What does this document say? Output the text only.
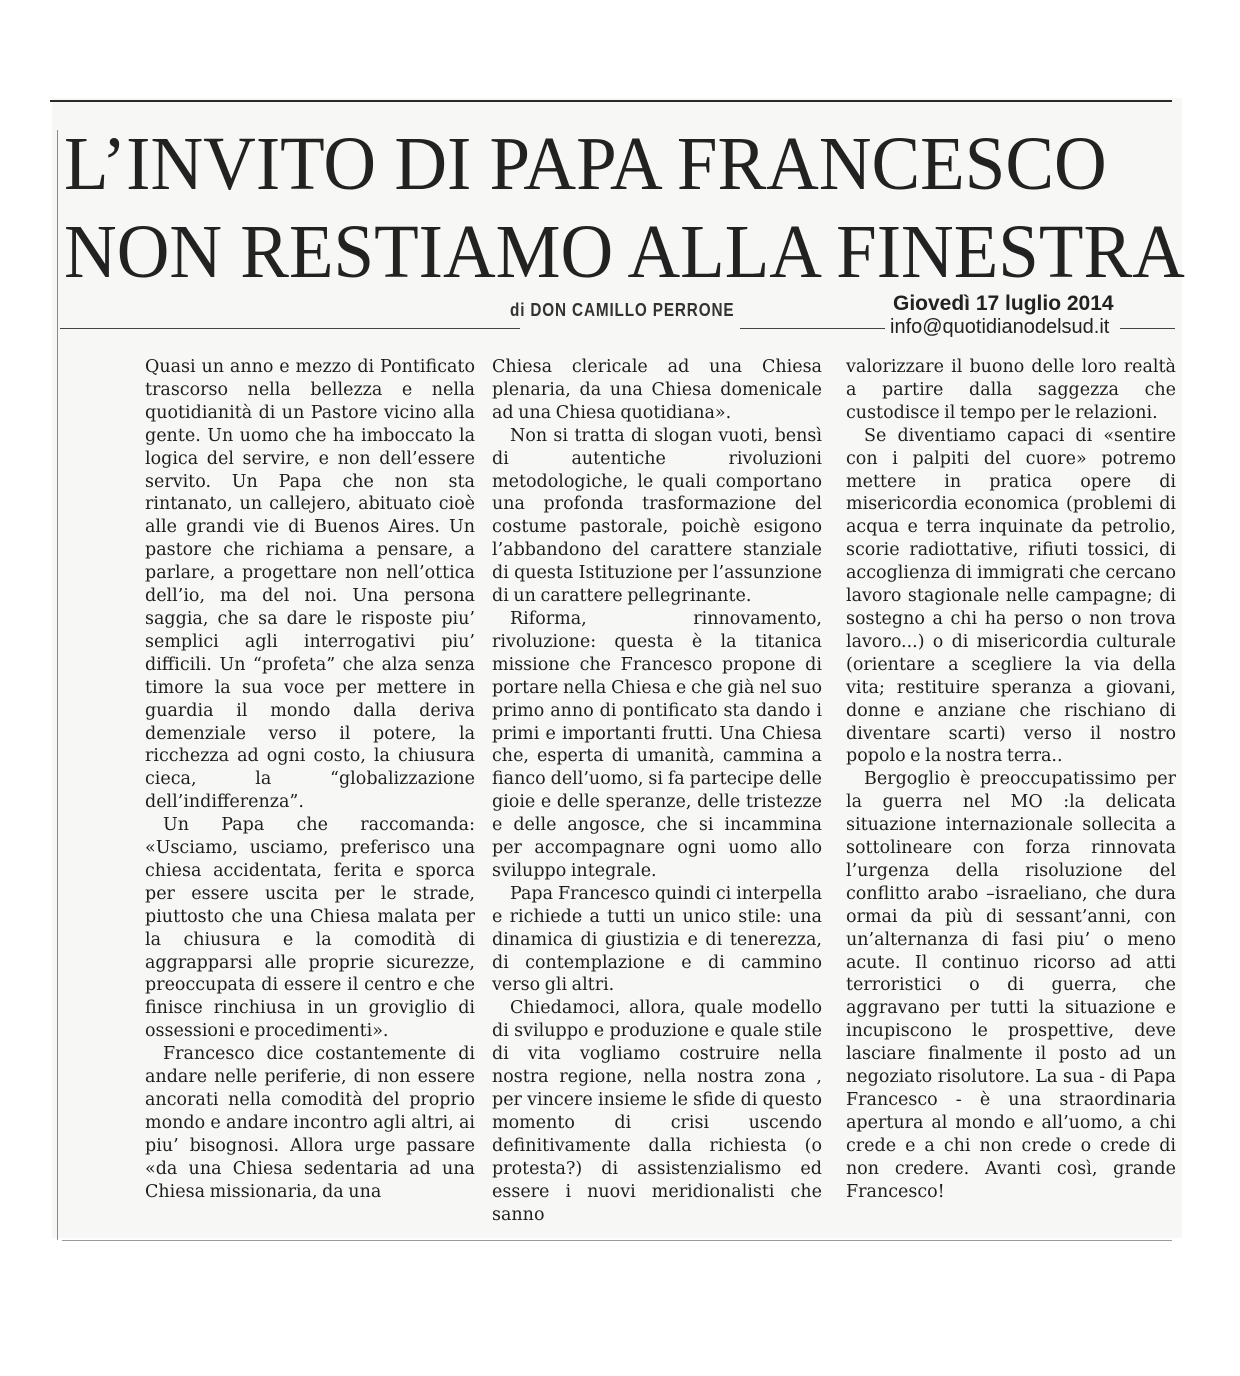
L’INVITO DI PAPA FRANCESCO
NON RESTIAMO ALLA FINESTRA
di DON CAMILLO PERRONE	Giovedì 17 luglio 2014
info@quotidianodelsud.it

Quasi un anno e mezzo di Pontificato trascorso nella bellezza e nella quotidianità di un Pastore vicino alla gente. Un uomo che ha imboccato la logica del servire, e non dell’essere servito. Un Papa che non sta rintanato, un callejero, abituato cioè alle grandi vie di Buenos Aires. Un pastore che richiama a pensare, a parlare, a progettare non nell’ottica dell’io, ma del noi. Una persona saggia, che sa dare le risposte piu’ semplici agli interrogativi piu’ difficili. Un “profeta” che alza senza timore la sua voce per mettere in guardia il mondo dalla deriva demenziale verso il potere, la ricchezza ad ogni costo, la chiusura cieca, la “globalizzazione dell’indifferenza”.

Un Papa che raccomanda: «Usciamo, usciamo, preferisco una chiesa accidentata, ferita e sporca per essere uscita per le strade, piuttosto che una Chiesa malata per la chiusura e la comodità di aggrapparsi alle proprie sicurezze, preoccupata di essere il centro e che finisce rinchiusa in un groviglio di ossessioni e procedimenti».

Francesco dice costantemente di andare nelle periferie, di non essere ancorati nella comodità del proprio mondo e andare incontro agli altri, ai piu’ bisognosi. Allora urge passare «da una Chiesa sedentaria ad una Chiesa missionaria, da una

Chiesa clericale ad una Chiesa plenaria, da una Chiesa domenicale ad una Chiesa quotidiana».

Non si tratta di slogan vuoti, bensì di autentiche rivoluzioni metodologiche, le quali comportano una profonda trasformazione del costume pastorale, poichè esigono l’abbandono del carattere stanziale di questa Istituzione per l’assunzione di un carattere pellegrinante.

Riforma, rinnovamento, rivoluzione: questa è la titanica missione che Francesco propone di portare nella Chiesa e che già nel suo primo anno di pontificato sta dando i primi e importanti frutti. Una Chiesa che, esperta di umanità, cammina a fianco dell’uomo, si fa partecipe delle gioie e delle speranze, delle tristezze e delle angosce, che si incammina per accompagnare ogni uomo allo sviluppo integrale.

Papa Francesco quindi ci interpella e richiede a tutti un unico stile: una dinamica di giustizia e di tenerezza, di contemplazione e di cammino verso gli altri.

Chiedamoci, allora, quale modello di sviluppo e produzione e quale stile di vita vogliamo costruire nella nostra regione, nella nostra zona , per vincere insieme le sfide di questo momento di crisi uscendo definitivamente dalla richiesta (o protesta?) di assistenzialismo ed essere i nuovi meridionalisti che sanno

valorizzare il buono delle loro realtà a partire dalla saggezza che custodisce il tempo per le relazioni.

Se diventiamo capaci di «sentire con i palpiti del cuore» potremo mettere in pratica opere di misericordia economica (problemi di acqua e terra inquinate da petrolio, scorie radiottative, rifiuti tossici, di accoglienza di immigrati che cercano lavoro stagionale nelle campagne; di sostegno a chi ha perso o non trova lavoro...) o di misericordia culturale (orientare a scegliere la via della vita; restituire speranza a giovani, donne e anziane che rischiano di diventare scarti) verso il nostro popolo e la nostra terra..

Bergoglio è preoccupatissimo per la guerra nel MO :la delicata situazione internazionale sollecita a sottolineare con forza rinnovata l’urgenza della risoluzione del conflitto arabo –israeliano, che dura ormai da più di sessant’anni, con un’alternanza di fasi piu’ o meno acute. Il continuo ricorso ad atti terroristici o di guerra, che aggravano per tutti la situazione e incupiscono le prospettive, deve lasciare finalmente il posto ad un negoziato risolutore. La sua - di Papa Francesco - è una straordinaria apertura al mondo e all’uomo, a chi crede e a chi non crede o crede di non credere. Avanti così, grande Francesco!
